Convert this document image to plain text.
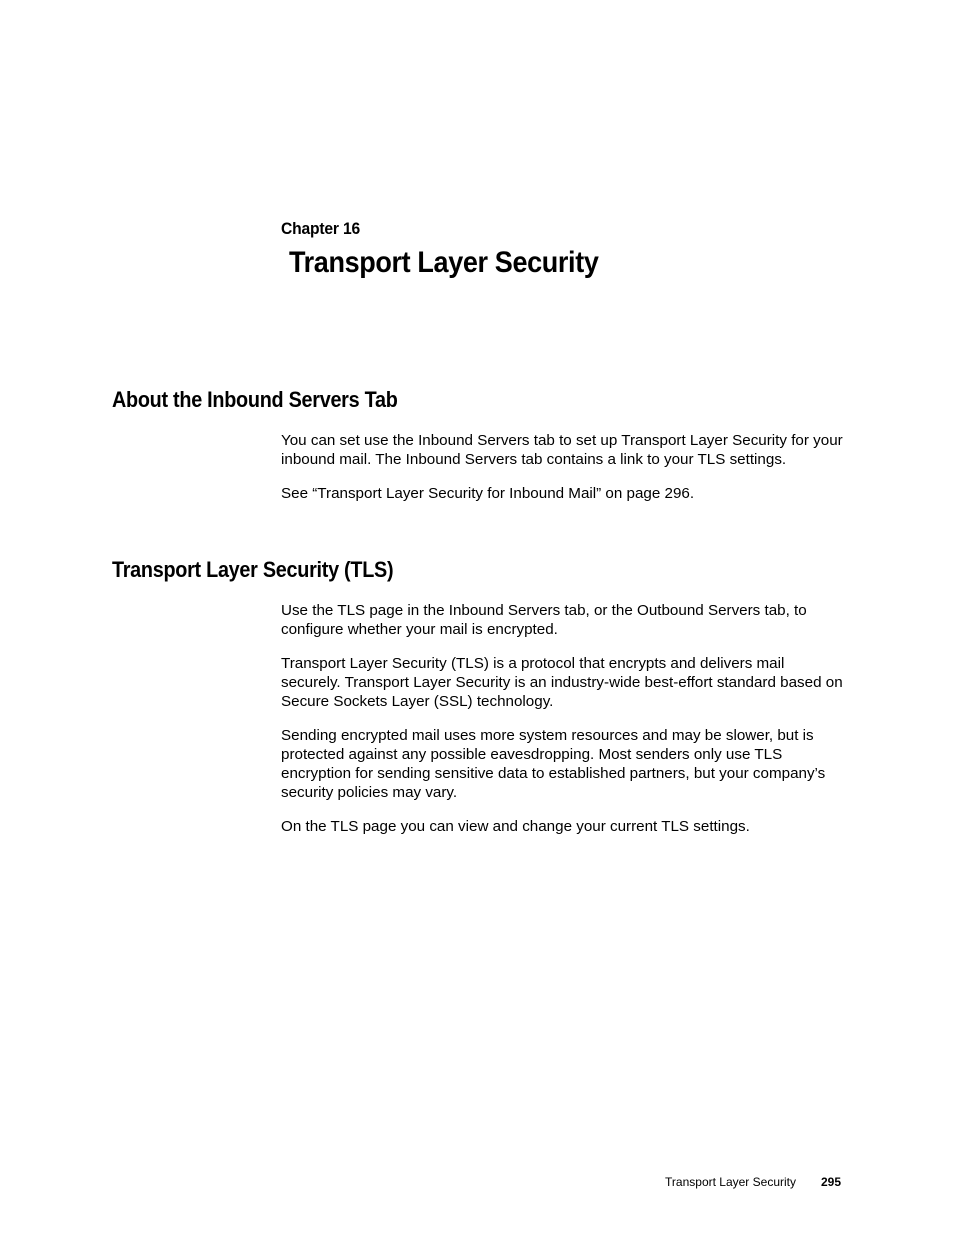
Chapter 16
Transport Layer Security
About the Inbound Servers Tab

You can set use the Inbound Servers tab to set up Transport Layer Security for your inbound mail. The Inbound Servers tab contains a link to your TLS settings.

See “Transport Layer Security for Inbound Mail” on page 296.

Transport Layer Security (TLS)

Use the TLS page in the Inbound Servers tab, or the Outbound Servers tab, to configure whether your mail is encrypted.

Transport Layer Security (TLS) is a protocol that encrypts and delivers mail securely. Transport Layer Security is an industry-wide best-effort standard based on Secure Sockets Layer (SSL) technology.

Sending encrypted mail uses more system resources and may be slower, but is protected against any possible eavesdropping. Most senders only use TLS encryption for sending sensitive data to established partners, but your company’s security policies may vary.

On the TLS page you can view and change your current TLS settings.

Transport Layer Security 295
